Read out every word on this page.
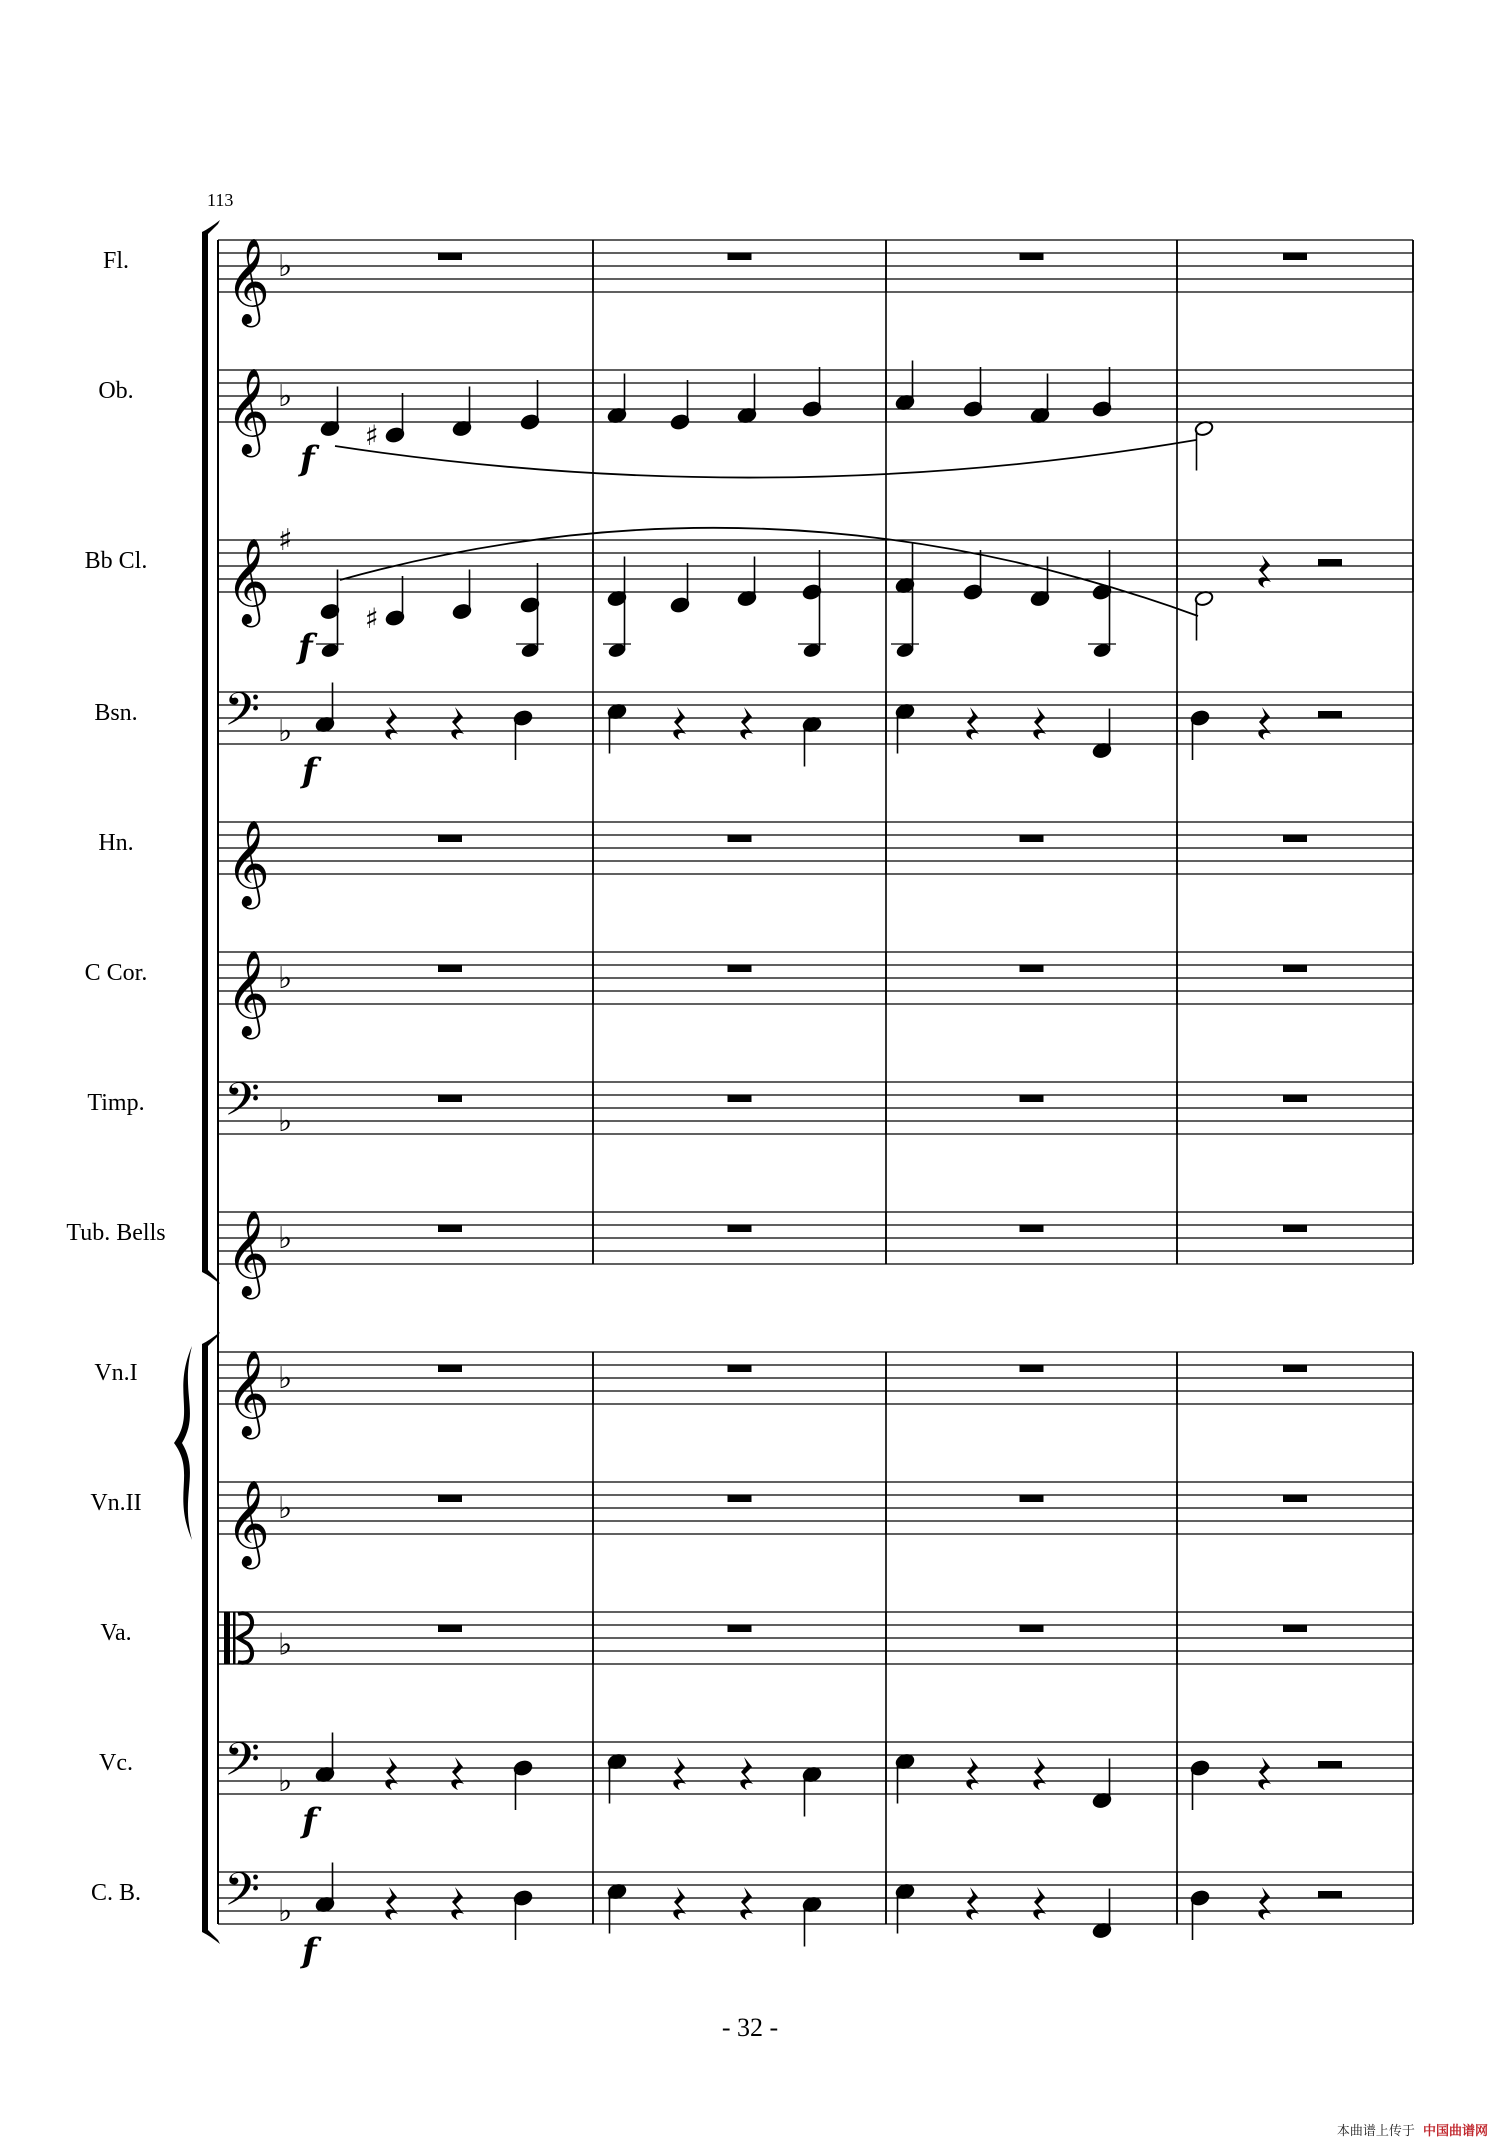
𝄞 ♭
𝄞 ♭
♯
f
𝄞 ♯
♯
f
𝄢 ♭
f
𝄞
𝄞 ♭
𝄢 ♭
𝄞 ♭
𝄞 ♭
𝄞 ♭
♭
𝄢 ♭
f
𝄢 ♭
f
113
Fl.
Ob.
Bb Cl.
Bsn.
Hn.
C Cor.
Timp.
Tub. Bells
Vn.I
Vn.II
Va.
Vc.
C. B.
- 32 -
本曲谱上传于 中国曲谱网
